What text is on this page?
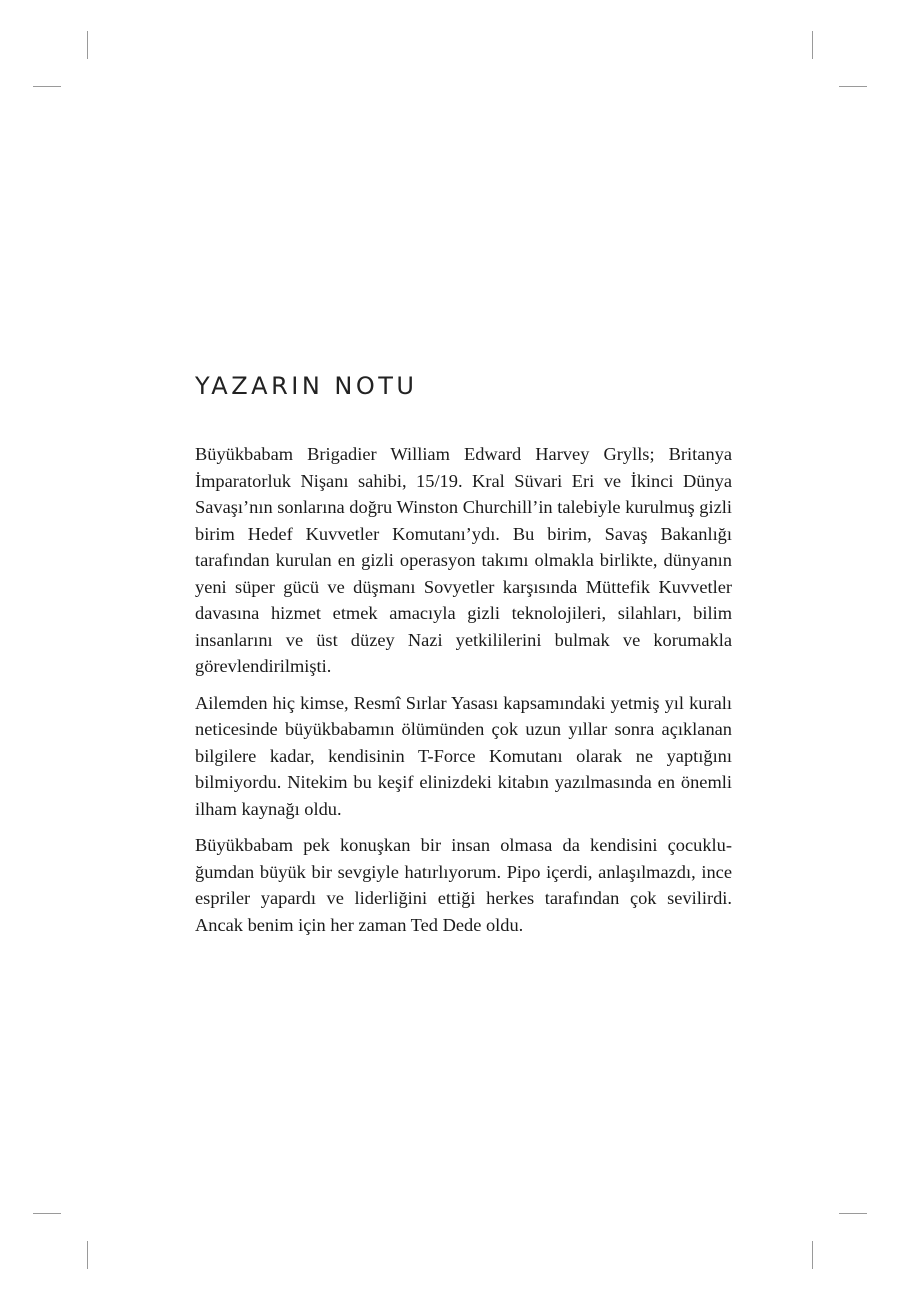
YAZARIN NOTU

Büyükbabam Brigadier William Edward Harvey Grylls; Britanya İmparatorluk Nişanı sahibi, 15/19. Kral Süvari Eri ve İkinci Dünya Savaşı’nın sonlarına doğru Winston Churchill’in talebiyle kurulmuş gizli birim Hedef Kuvvetler Komutanı’ydı. Bu birim, Savaş Bakanlığı tarafından kurulan en gizli operasyon takımı olmakla birlikte, dünyanın yeni süper gücü ve düşmanı Sovyetler karşısında Müttefik Kuvvetler davasına hizmet etmek amacıyla gizli teknolojileri, silahları, bilim insanlarını ve üst düzey Nazi yetkililerini bulmak ve korumakla görevlendirilmişti.

Ailemden hiç kimse, Resmî Sırlar Yasası kapsamındaki yetmiş yıl kuralı neticesinde büyükbabamın ölümünden çok uzun yıllar sonra açıklanan bilgilere kadar, kendisinin T-Force Komutanı olarak ne yaptığını bilmiyordu. Nitekim bu keşif elinizdeki kitabın yazılmasında en önemli ilham kaynağı oldu.

Büyükbabam pek konuşkan bir insan olmasa da kendisini çocukluğumdan büyük bir sevgiyle hatırlıyorum. Pipo içerdi, anlaşılmazdı, ince espriler yapardı ve liderliğini ettiği herkes tarafından çok sevilirdi. Ancak benim için her zaman Ted Dede oldu.
